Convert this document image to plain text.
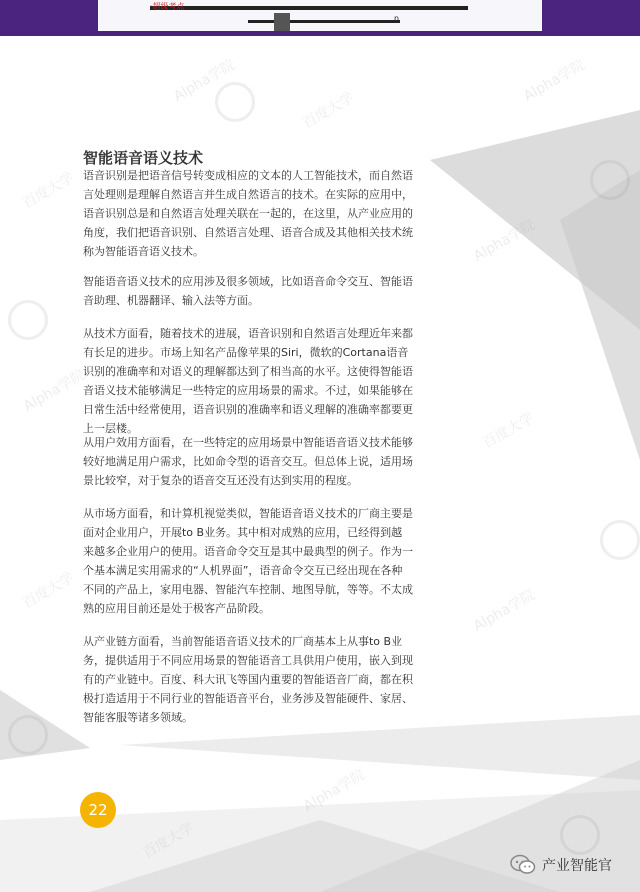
Alpha学院
百度大学
Alpha学院
百度大学
Alpha学院
Alpha学院
百度大学
百度大学	Alpha学院
Alpha学院
·超级考点
n
智能语音语义技术

语音识别是把语音信号转变成相应的文本的人工智能技术，而自然语言处理则是理解自然语言并生成自然语言的技术。在实际的应用中，语音识别总是和自然语言处理关联在一起的，在这里，从产业应用的角度，我们把语音识别、自然语言处理、语音合成及其他相关技术统称为智能语音语义技术。

智能语音语义技术的应用涉及很多领域，比如语音命令交互、智能语音助理、机器翻译、输入法等方面。

从技术方面看，随着技术的进展，语音识别和自然语言处理近年来都有长足的进步。市场上知名产品像苹果的Siri，微软的Cortana语音识别的准确率和对语义的理解都达到了相当高的水平。这使得智能语音语义技术能够满足一些特定的应用场景的需求。不过，如果能够在日常生活中经常使用，语音识别的准确率和语义理解的准确率都要更上一层楼。

从用户效用方面看，在一些特定的应用场景中智能语音语义技术能够较好地满足用户需求，比如命令型的语音交互。但总体上说，适用场景比较窄，对于复杂的语音交互还没有达到实用的程度。

从市场方面看，和计算机视觉类似，智能语音语义技术的厂商主要是面对企业用户，开展to B业务。其中相对成熟的应用，已经得到越来越多企业用户的使用。语音命令交互是其中最典型的例子。作为一个基本满足实用需求的“人机界面”，语音命令交互已经出现在各种不同的产品上，家用电器、智能汽车控制、地图导航，等等。不太成熟的应用目前还是处于极客产品阶段。

从产业链方面看，当前智能语音语义技术的厂商基本上从事to B业务，提供适用于不同应用场景的智能语音工具供用户使用，嵌入到现有的产业链中。百度、科大讯飞等国内重要的智能语音厂商，都在积极打造适用于不同行业的智能语音平台，业务涉及智能硬件、家居、智能客服等诸多领域。

22
产业智能官
